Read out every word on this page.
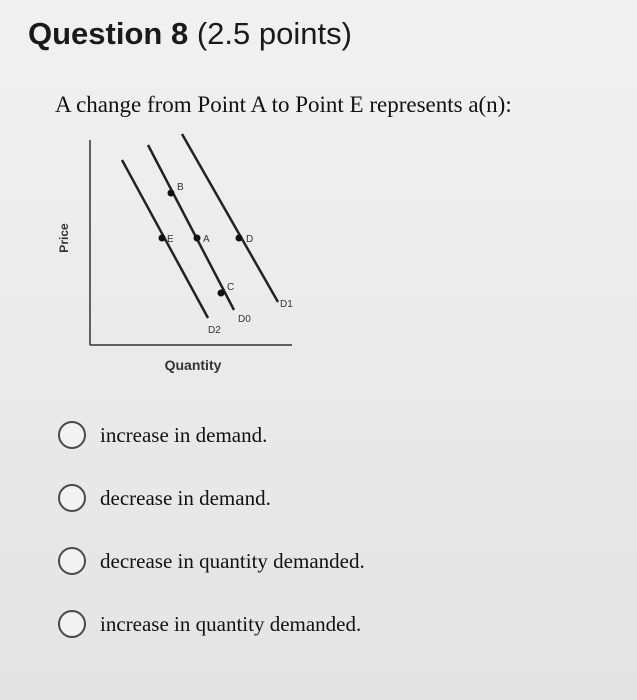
Question 8 (2.5 points)
A change from Point A to Point E represents a(n):
Price
Quantity
D2
D0
D1
B
E	A	D
C
increase in demand.
decrease in demand.
decrease in quantity demanded.
increase in quantity demanded.
